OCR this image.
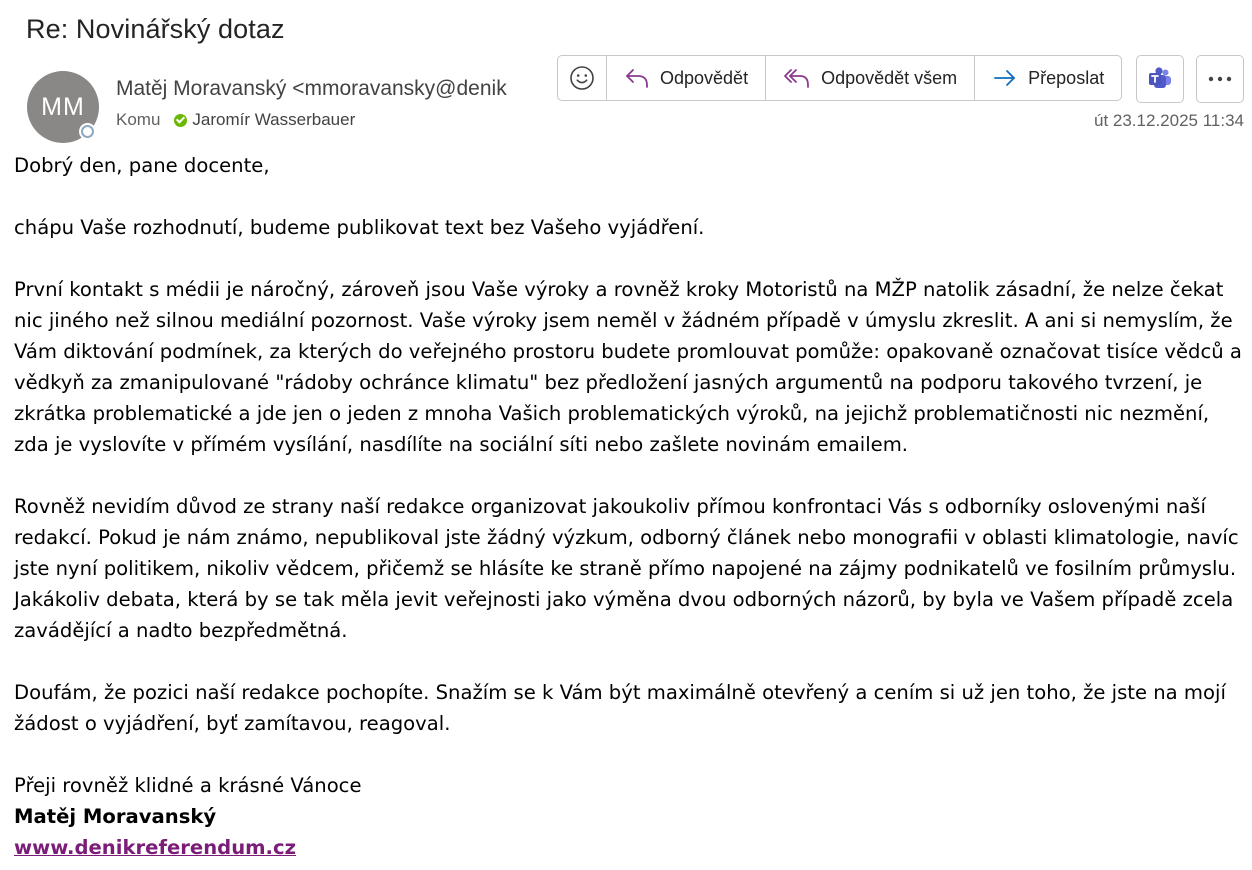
Re: Novinářský dotaz
MM
Matěj Moravanský <mmoravansky@denik
Komu Jaromír Wasserbauer
Odpovědět	Odpovědět všem	Přeposlat
út 23.12.2025 11:34

Dobrý den, pane docente,

chápu Vaše rozhodnutí, budeme publikovat text bez Vašeho vyjádření.

První kontakt s médii je náročný, zároveň jsou Vaše výroky a rovněž kroky Motoristů na MŽP natolik zásadní, že nelze čekat nic jiného než silnou mediální pozornost. Vaše výroky jsem neměl v žádném případě v úmyslu zkreslit. A ani si nemyslím, že Vám diktování podmínek, za kterých do veřejného prostoru budete promlouvat pomůže: opakovaně označovat tisíce vědců a vědkyň za zmanipulované "rádoby ochránce klimatu" bez předložení jasných argumentů na podporu takového tvrzení, je zkrátka problematické a jde jen o jeden z mnoha Vašich problematických výroků, na jejichž problematičnosti nic nezmění, zda je vyslovíte v přímém vysílání, nasdílíte na sociální síti nebo zašlete novinám emailem.

Rovněž nevidím důvod ze strany naší redakce organizovat jakoukoliv přímou konfrontaci Vás s odborníky oslovenými naší redakcí. Pokud je nám známo, nepublikoval jste žádný výzkum, odborný článek nebo monografii v oblasti klimatologie, navíc jste nyní politikem, nikoliv vědcem, přičemž se hlásíte ke straně přímo napojené na zájmy podnikatelů ve fosilním průmyslu. Jakákoliv debata, která by se tak měla jevit veřejnosti jako výměna dvou odborných názorů, by byla ve Vašem případě zcela zavádějící a nadto bezpředmětná.

Doufám, že pozici naší redakce pochopíte. Snažím se k Vám být maximálně otevřený a cením si už jen toho, že jste na mojí žádost o vyjádření, byť zamítavou, reagoval.

Přeji rovněž klidné a krásné Vánoce

Matěj Moravanský

www.denikreferendum.cz
